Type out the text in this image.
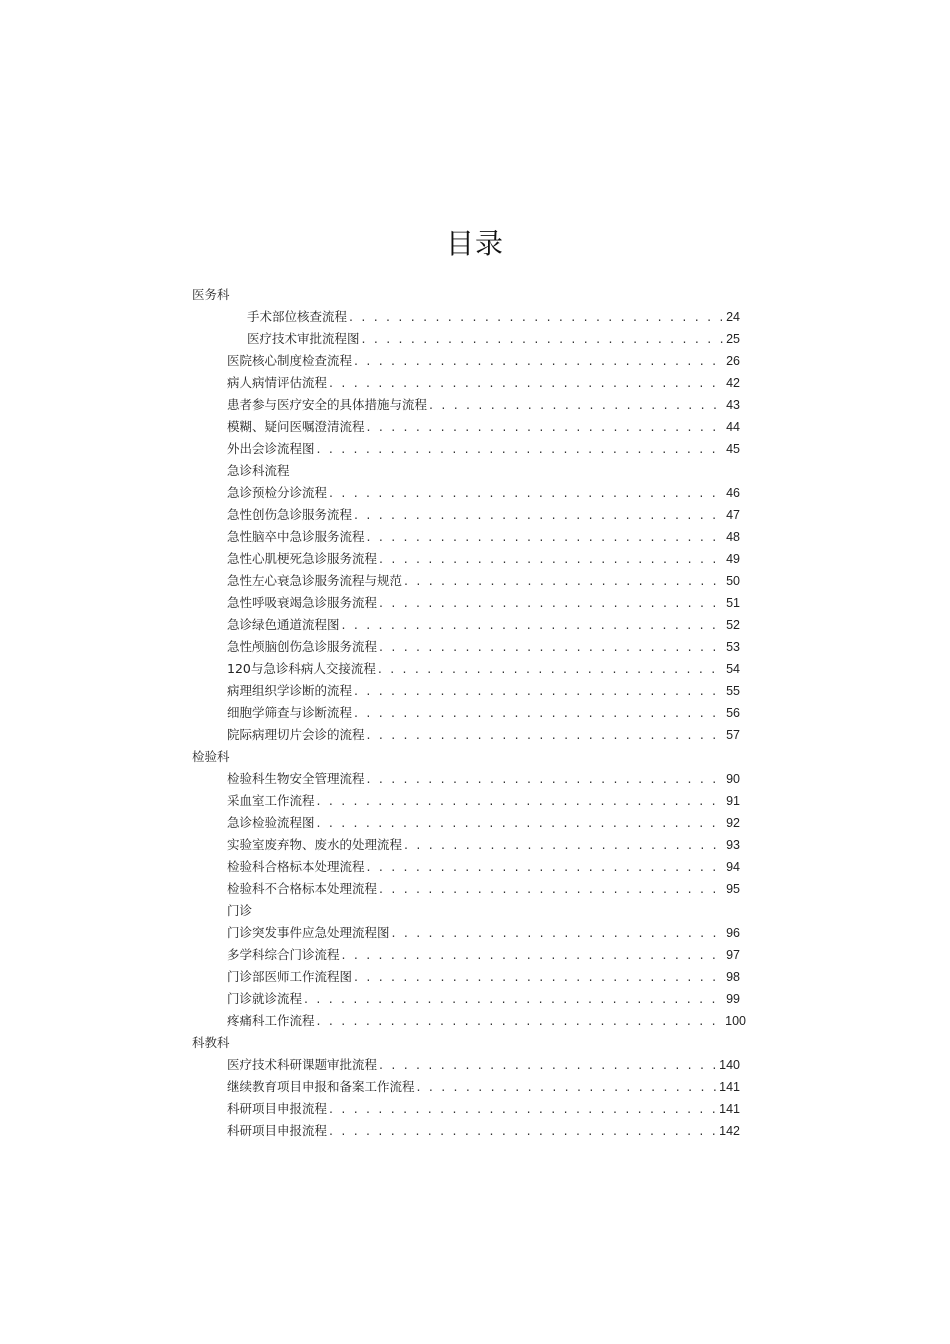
目录
医务科
手术部位核查流程 . . .	24
医疗技术审批流程图 . . .	25
医院核心制度检查流程 . . .	26
病人病情评估流程 . . .	42
患者参与医疗安全的具体措施与流程 . . .	43
模糊、疑问医嘱澄清流程 . . .	44
外出会诊流程图 . . .	45
急诊科流程
急诊预检分诊流程 . . .	46
急性创伤急诊服务流程 . . .	47
急性脑卒中急诊服务流程 . . .	48
急性心肌梗死急诊服务流程 . . .	49
急性左心衰急诊服务流程与规范 . . .	50
急性呼吸衰竭急诊服务流程 . . .	51
急诊绿色通道流程图 . . .	52
急性颅脑创伤急诊服务流程 . . .	53
120与急诊科病人交接流程 . . .	54
病理组织学诊断的流程 . . .	55
细胞学筛查与诊断流程 . . .	56
院际病理切片会诊的流程 . . .	57
检验科
检验科生物安全管理流程 . . .	90
采血室工作流程 . . .	91
急诊检验流程图 . . .	92
实验室废弃物、废水的处理流程 . . .	93
检验科合格标本处理流程 . . .	94
检验科不合格标本处理流程 . . .	95
门诊
门诊突发事件应急处理流程图 . . .	96
多学科综合门诊流程 . . .	97
门诊部医师工作流程图 . . .	98
门诊就诊流程 . . .	99
疼痛科工作流程 . . .	100
科教科
医疗技术科研课题审批流程 . . .	140
继续教育项目申报和备案工作流程 . . .	141
科研项目申报流程 . . .	141
科研项目申报流程 . . .	142
